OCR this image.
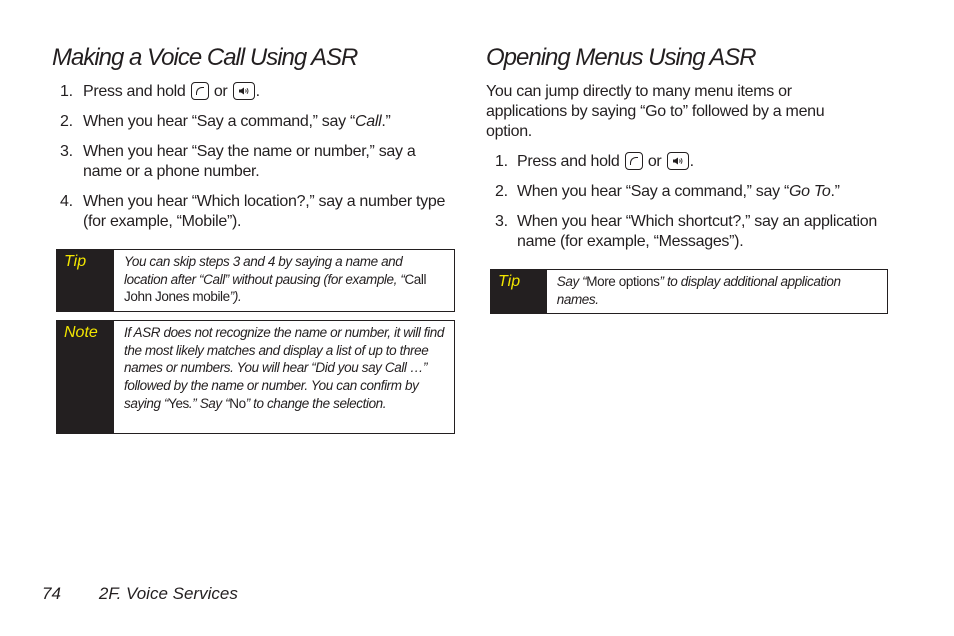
Making a Voice Call Using ASR
1. Press and hold  or
.
2. When you hear “Say a command,” say “Call.”
3. When you hear “Say the name or number,” say a name or a phone number.
4. When you hear “Which location?,” say a number type (for example, “Mobile”).
Tip	You can skip steps 3 and 4 by saying a name and location after “Call” without pausing (for example, “Call John Jones mobile”).
Note	If ASR does not recognize the name or number, it will find the most likely matches and display a list of up to three names or numbers. You will hear “Did you say Call …” followed by the name or number. You can confirm by saying “Yes.” Say “No” to change the selection.
Opening Menus Using ASR

You can jump directly to many menu items or applications by saying “Go to” followed by a menu option.

1. Press and hold  or
.
2. When you hear “Say a command,” say “Go To.”
3. When you hear “Which shortcut?,” say an application name (for example, “Messages”).
Tip	Say “More options” to display additional application names.
74 2F. Voice Services
